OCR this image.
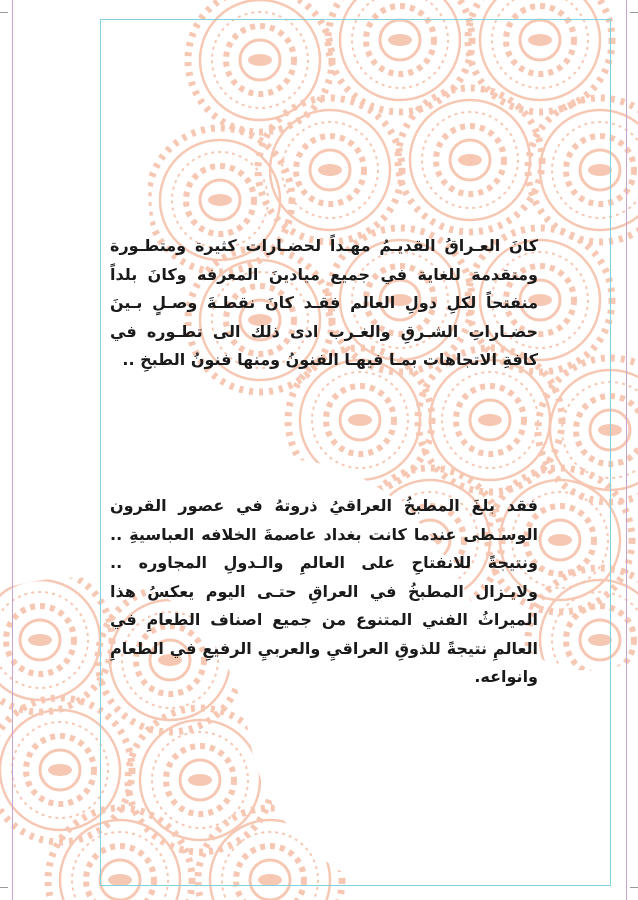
كانَ العـراقُ القديـمُ مهـداً لحضـارات كثيرة ومتطـورة ومتقدمة للغاية في جميع ميادينَ المعرفه وكانَ بلداً منفتحاً لكلِ دولِ العالم فقـد كانَ نقطـةَ وصـلٍ بـينَ حضـاراتِ الشـرقِ والغـرب ادى ذلك الى تطـوره في كافةِ الاتجاهات بمـا فيهـا الفنونُ ومنها فنونُ الطبخِ ..

فقد بلغَ المطبخُ العراقيُ ذروتهُ في عصور القرون الوسـطى عندما كانت بغداد عاصمةَ الخلافه العباسيةِ .. ونتيجةً للانفتاحِ على العالمِ والـدولِ المجاوره .. ولايـزال المطبخُ في العراقِ حتـى اليوم يعكسُ هذا الميراثُ الفني المتنوع من جميع اصناف الطعامِ في العالمِ نتيجةً للذوقِ العراقيِ والعربيِ الرفيعِ في الطعامِ وانواعه.
